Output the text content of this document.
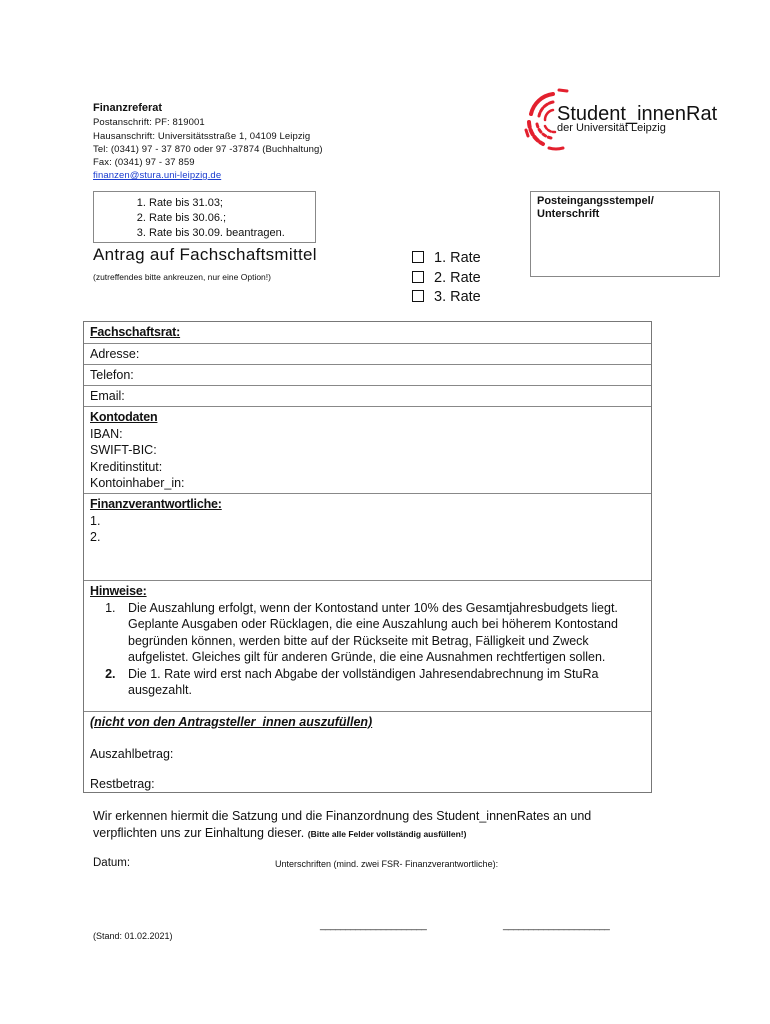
Finanzreferat
Postanschrift: PF: 819001
Hausanschrift: Universitätsstraße 1, 04109 Leipzig
Tel: (0341) 97 - 37 870 oder 97 -37874 (Buchhaltung)
Fax: (0341) 97 - 37 859
finanzen@stura.uni-leipzig.de
Student_innenRat
der Universität Leipzig
1. Rate bis 31.03;
2. Rate bis 30.06.;
3. Rate bis 30.09. beantragen.
Posteingangsstempel/ Unterschrift
Antrag auf Fachschaftsmittel
(zutreffendes bitte ankreuzen, nur eine Option!)
1. Rate
2. Rate
3. Rate
Fachschaftsrat:
Adresse:
Telefon:
Email:
Kontodaten
IBAN:
SWIFT-BIC:
Kreditinstitut:
Kontoinhaber_in:
Finanzverantwortliche:
1.
2.
Hinweise:
1. Die Auszahlung erfolgt, wenn der Kontostand unter 10% des Gesamtjahresbudgets liegt. Geplante Ausgaben oder Rücklagen, die eine Auszahlung auch bei höherem Kontostand begründen können, werden bitte auf der Rückseite mit Betrag, Fälligkeit und Zweck aufgelistet. Gleiches gilt für anderen Gründe, die eine Ausnahmen rechtfertigen sollen.
2. Die 1. Rate wird erst nach Abgabe der vollständigen Jahresendabrechnung im StuRa ausgezahlt.
(nicht von den Antragsteller_innen auszufüllen)
Auszahlbetrag:
Restbetrag:
Wir erkennen hiermit die Satzung und die Finanzordnung des Student_innenRates an und verpflichten uns zur Einhaltung dieser. (Bitte alle Felder vollständig ausfüllen!)
Datum:	Unterschriften (mind. zwei FSR- Finanzverantwortliche):
_____________________	_____________________
(Stand: 01.02.2021)
